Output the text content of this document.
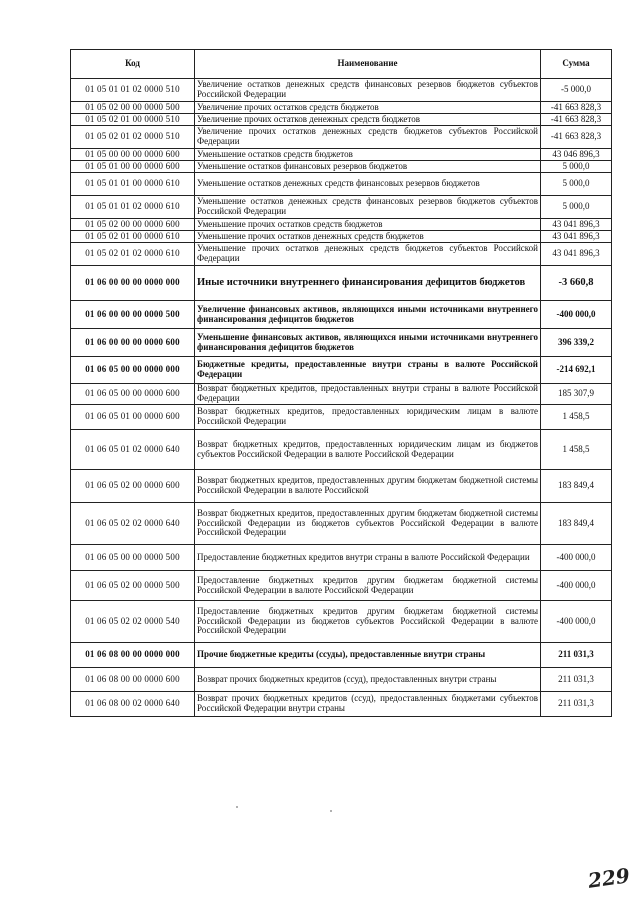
Код	Наименование	Сумма
01 05 01 01 02 0000 510	Увеличение остатков денежных средств финансовых резервов бюджетов субъектов Российской Федерации	-5 000,0
01 05 02 00 00 0000 500	Увеличение прочих остатков средств бюджетов	-41 663 828,3
01 05 02 01 00 0000 510	Увеличение прочих остатков денежных средств бюджетов	-41 663 828,3
01 05 02 01 02 0000 510	Увеличение прочих остатков денежных средств бюджетов субъектов Российской Федерации	-41 663 828,3
01 05 00 00 00 0000 600	Уменьшение остатков средств бюджетов	43 046 896,3
01 05 01 00 00 0000 600	Уменьшение остатков финансовых резервов бюджетов	5 000,0
01 05 01 01 00 0000 610	Уменьшение остатков денежных средств финансовых резервов бюджетов	5 000,0
01 05 01 01 02 0000 610	Уменьшение остатков денежных средств финансовых резервов бюджетов субъектов Российской Федерации	5 000,0
01 05 02 00 00 0000 600	Уменьшение прочих остатков средств бюджетов	43 041 896,3
01 05 02 01 00 0000 610	Уменьшение прочих остатков денежных средств бюджетов	43 041 896,3
01 05 02 01 02 0000 610	Уменьшение прочих остатков денежных средств бюджетов субъектов Российской Федерации	43 041 896,3
01 06 00 00 00 0000 000	Иные источники внутреннего финансирования дефицитов бюджетов	-3 660,8
01 06 00 00 00 0000 500	Увеличение финансовых активов, являющихся иными источниками внутреннего финансирования дефицитов бюджетов	-400 000,0
01 06 00 00 00 0000 600	Уменьшение финансовых активов, являющихся иными источниками внутреннего финансирования дефицитов бюджетов	396 339,2
01 06 05 00 00 0000 000	Бюджетные кредиты, предоставленные внутри страны в валюте Российской Федерации	-214 692,1
01 06 05 00 00 0000 600	Возврат бюджетных кредитов, предоставленных внутри страны в валюте Российской Федерации	185 307,9
01 06 05 01 00 0000 600	Возврат бюджетных кредитов, предоставленных юридическим лицам в валюте Российской Федерации	1 458,5
01 06 05 01 02 0000 640	Возврат бюджетных кредитов, предоставленных юридическим лицам из бюджетов субъектов Российской Федерации в валюте Российской Федерации	1 458,5
01 06 05 02 00 0000 600	Возврат бюджетных кредитов, предоставленных другим бюджетам бюджетной системы Российской Федерации в валюте Российской	183 849,4
01 06 05 02 02 0000 640	Возврат бюджетных кредитов, предоставленных другим бюджетам бюджетной системы Российской Федерации из бюджетов субъектов Российской Федерации в валюте Российской Федерации	183 849,4
01 06 05 00 00 0000 500	Предоставление бюджетных кредитов внутри страны в валюте Российской Федерации	-400 000,0
01 06 05 02 00 0000 500	Предоставление бюджетных кредитов другим бюджетам бюджетной системы Российской Федерации в валюте Российской Федерации	-400 000,0
01 06 05 02 02 0000 540	Предоставление бюджетных кредитов другим бюджетам бюджетной системы Российской Федерации из бюджетов субъектов Российской Федерации в валюте Российской Федерации	-400 000,0
01 06 08 00 00 0000 000	Прочие бюджетные кредиты (ссуды), предоставленные внутри страны	211 031,3
01 06 08 00 00 0000 600	Возврат прочих бюджетных кредитов (ссуд), предоставленных внутри страны	211 031,3
01 06 08 00 02 0000 640	Возврат прочих бюджетных кредитов (ссуд), предоставленных бюджетами субъектов Российской Федерации внутри страны	211 031,3
229
